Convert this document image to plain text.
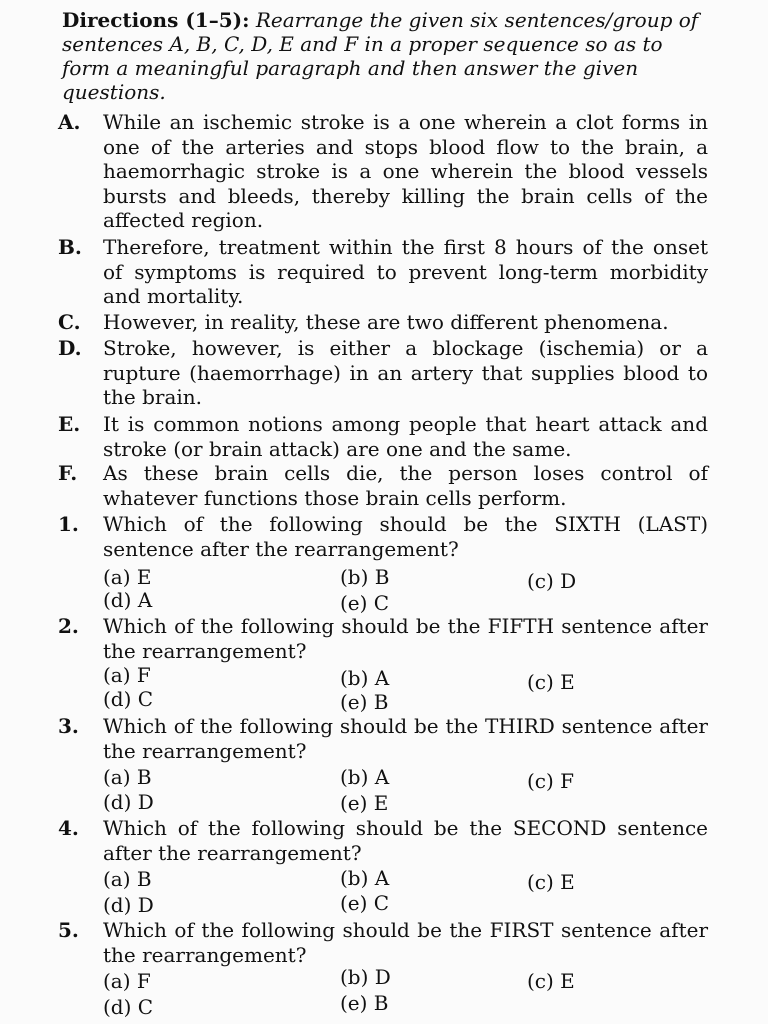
Directions (1–5): Rearrange the given six sentences/group of sentences A, B, C, D, E and F in a proper sequence so as to form a meaningful paragraph and then answer the given questions.
A. While an ischemic stroke is a one wherein a clot forms in one of the arteries and stops blood flow to the brain, a haemorrhagic stroke is a one wherein the blood vessels bursts and bleeds, thereby killing the brain cells of the affected region.
B. Therefore, treatment within the first 8 hours of the onset of symptoms is required to prevent long-term morbidity and mortality.
C. However, in reality, these are two different phenomena.
D. Stroke, however, is either a blockage (ischemia) or a rupture (haemorrhage) in an artery that supplies blood to the brain.
E. It is common notions among people that heart attack and stroke (or brain attack) are one and the same.
F. As these brain cells die, the person loses control of whatever functions those brain cells perform.
1. Which of the following should be the SIXTH (LAST) sentence after the rearrangement?
(a) E	(b) B	(c) D
(d) A	(e) C
2. Which of the following should be the FIFTH sentence after the rearrangement?
(a) F	(b) A	(c) E
(d) C	(e) B
3. Which of the following should be the THIRD sentence after the rearrangement?
(a) B	(b) A	(c) F
(d) D	(e) E
4. Which of the following should be the SECOND sentence after the rearrangement?
(a) B	(b) A	(c) E
(d) D	(e) C
5. Which of the following should be the FIRST sentence after the rearrangement?
(a) F	(b) D	(c) E
(d) C	(e) B
